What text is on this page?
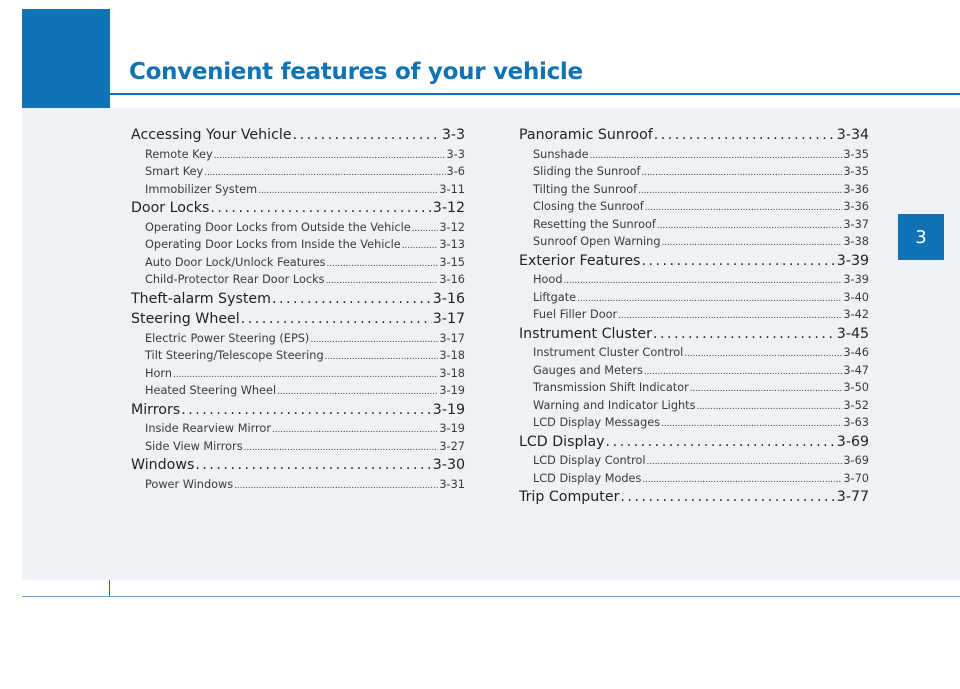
Convenient features of your vehicle
3
Accessing Your Vehicle . . .	3-3
Remote Key . . .	3-3
Smart Key . . .	3-6
Immobilizer System . . .	3-11
Door Locks . . .	3-12
Operating Door Locks from Outside the Vehicle . . .	3-12
Operating Door Locks from Inside the Vehicle . . .	3-13
Auto Door Lock/Unlock Features . . .	3-15
Child-Protector Rear Door Locks . . .	3-16
Theft-alarm System . . .	3-16
Steering Wheel . . .	3-17
Electric Power Steering (EPS) . . .	3-17
Tilt Steering/Telescope Steering . . .	3-18
Horn . . .	3-18
Heated Steering Wheel . . .	3-19
Mirrors . . .	3-19
Inside Rearview Mirror . . .	3-19
Side View Mirrors . . .	3-27
Windows . . .	3-30
Power Windows . . .	3-31
Panoramic Sunroof . . .	3-34
Sunshade . . .	3-35
Sliding the Sunroof . . .	3-35
Tilting the Sunroof . . .	3-36
Closing the Sunroof . . .	3-36
Resetting the Sunroof . . .	3-37
Sunroof Open Warning . . .	3-38
Exterior Features . . .	3-39
Hood . . .	3-39
Liftgate . . .	3-40
Fuel Filler Door . . .	3-42
Instrument Cluster . . .	3-45
Instrument Cluster Control . . .	3-46
Gauges and Meters . . .	3-47
Transmission Shift Indicator . . .	3-50
Warning and Indicator Lights . . .	3-52
LCD Display Messages . . .	3-63
LCD Display . . .	3-69
LCD Display Control . . .	3-69
LCD Display Modes . . .	3-70
Trip Computer . . .	3-77
